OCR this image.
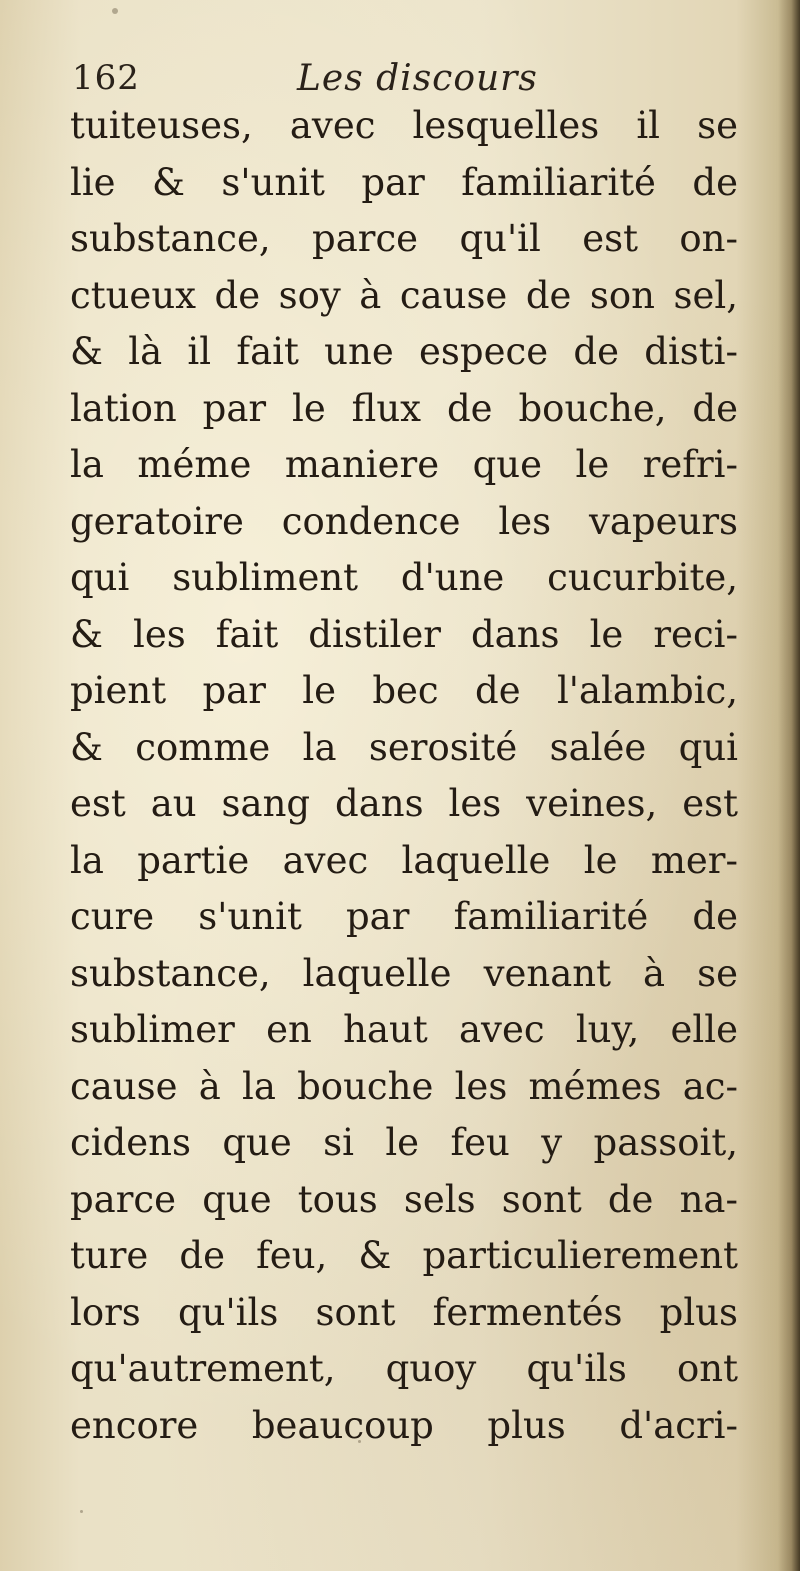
162	Les discours
tuiteuses, avec lesquelles il se
lie & s'unit par familiarité de
substance, parce qu'il est on-
ctueux de soy à cause de son sel,
& là il fait une espece de disti-
lation par le flux de bouche, de
la méme maniere que le refri-
geratoire condence les vapeurs
qui subliment d'une cucurbite,
& les fait distiler dans le reci-
pient par le bec de l'alambic,
& comme la serosité salée qui
est au sang dans les veines, est
la partie avec laquelle le mer-
cure s'unit par familiarité de
substance, laquelle venant à se
sublimer en haut avec luy, elle
cause à la bouche les mémes ac-
cidens que si le feu y passoit,
parce que tous sels sont de na-
ture de feu, & particulierement
lors qu'ils sont fermentés plus
qu'autrement, quoy qu'ils ont
encore beaucoup plus d'acri-
